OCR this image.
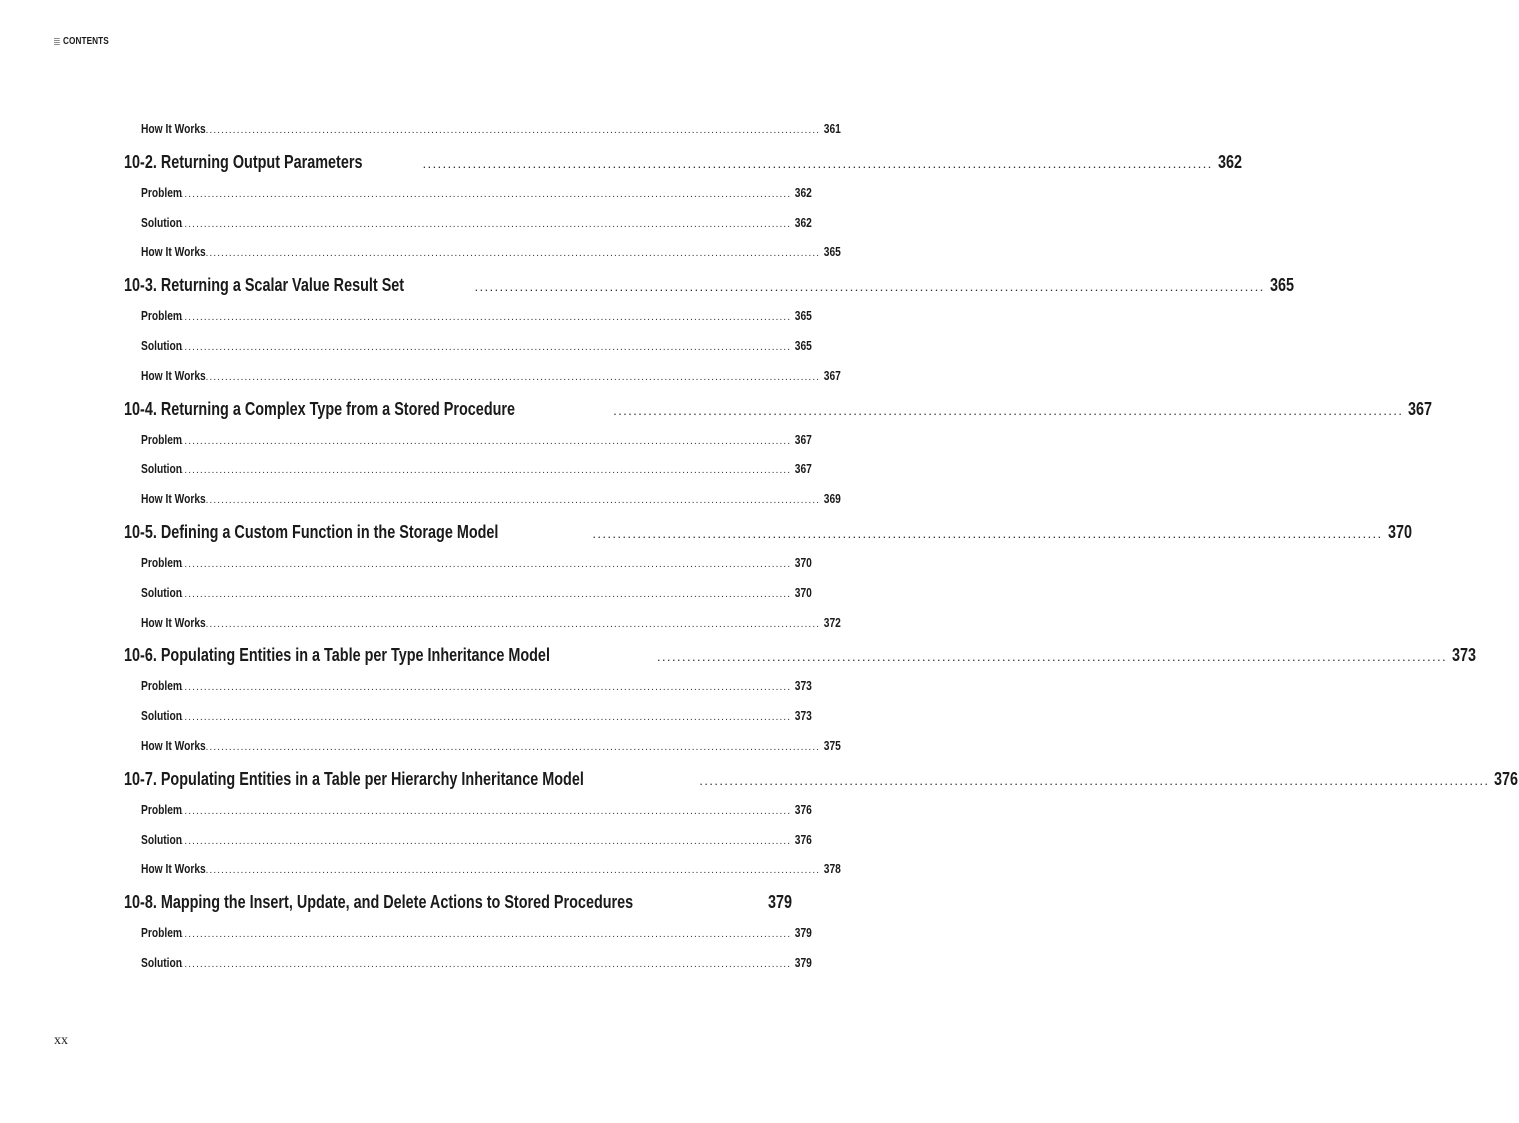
CONTENTS
How It Works . . .	361
10-2. Returning Output Parameters . . .	362
Problem . . .	362
Solution . . .	362
How It Works . . .	365
10-3. Returning a Scalar Value Result Set . . .	365
Problem . . .	365
Solution . . .	365
How It Works . . .	367
10-4. Returning a Complex Type from a Stored Procedure . . .	367
Problem . . .	367
Solution . . .	367
How It Works . . .	369
10-5. Defining a Custom Function in the Storage Model . . .	370
Problem . . .	370
Solution . . .	370
How It Works . . .	372
10-6. Populating Entities in a Table per Type Inheritance Model . . .	373
Problem . . .	373
Solution . . .	373
How It Works . . .	375
10-7. Populating Entities in a Table per Hierarchy Inheritance Model . . .	376
Problem . . .	376
Solution . . .	376
How It Works . . .	378
10-8. Mapping the Insert, Update, and Delete Actions to Stored Procedures	379
Problem . . .	379
Solution . . .	379
xx
